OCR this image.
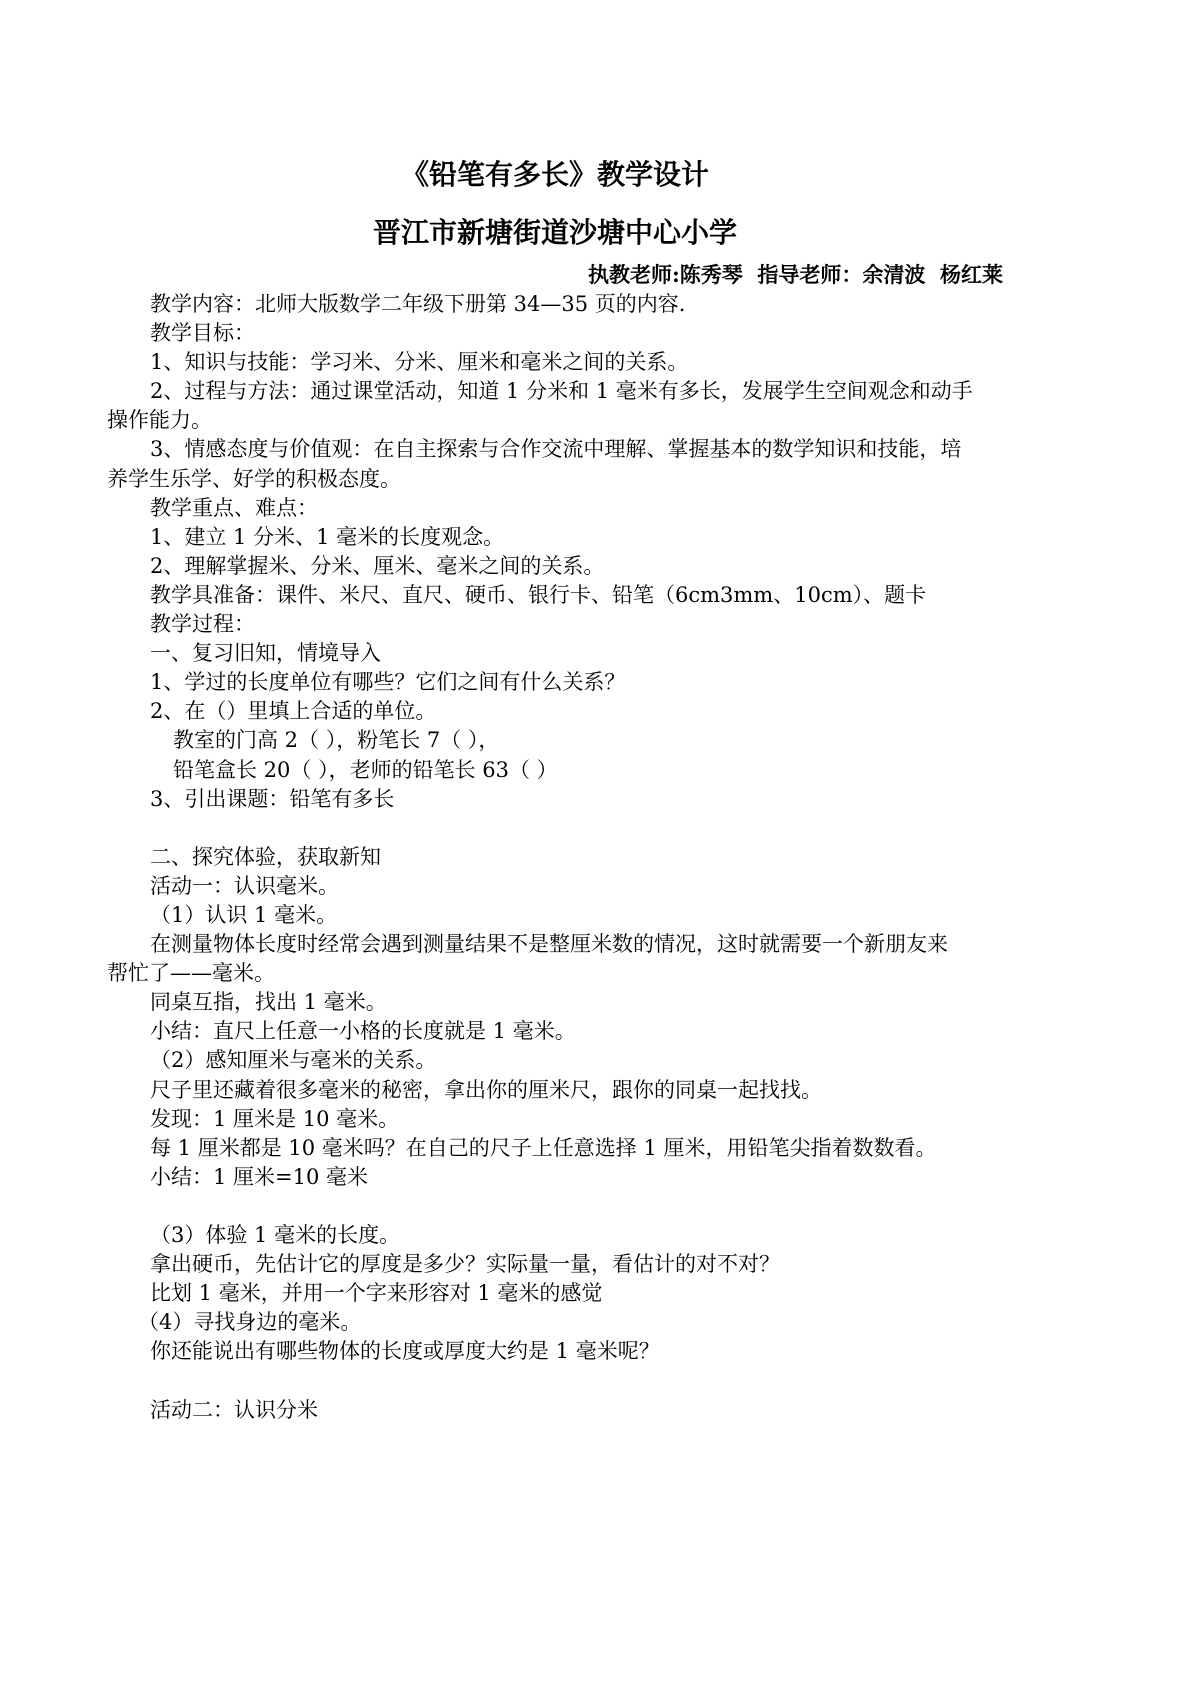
《铅笔有多长》教学设计
晋江市新塘街道沙塘中心小学
执教老师:陈秀琴  指导老师：余清波  杨红莱
教学内容：北师大版数学二年级下册第 34—35 页的内容.
教学目标：
1、知识与技能：学习米、分米、厘米和毫米之间的关系。
2、过程与方法：通过课堂活动，知道 1 分米和 1 毫米有多长，发展学生空间观念和动手
操作能力。
3、情感态度与价值观：在自主探索与合作交流中理解、掌握基本的数学知识和技能，培
养学生乐学、好学的积极态度。
教学重点、难点：
1、建立 1 分米、1 毫米的长度观念。
2、理解掌握米、分米、厘米、毫米之间的关系。
教学具准备：课件、米尺、直尺、硬币、银行卡、铅笔（6cm3mm、10cm）、题卡
教学过程：
一、复习旧知，情境导入
1、学过的长度单位有哪些？它们之间有什么关系？
2、在（）里填上合适的单位。
教室的门高 2（ ），粉笔长 7（ ），
铅笔盒长 20（ ），老师的铅笔长 63（ ）
3、引出课题：铅笔有多长
二、探究体验，获取新知
活动一：认识毫米。
（1）认识 1 毫米。
在测量物体长度时经常会遇到测量结果不是整厘米数的情况，这时就需要一个新朋友来
帮忙了——毫米。
同桌互指，找出 1 毫米。
小结：直尺上任意一小格的长度就是 1 毫米。
（2）感知厘米与毫米的关系。
尺子里还藏着很多毫米的秘密，拿出你的厘米尺，跟你的同桌一起找找。
发现：1 厘米是 10 毫米。
每 1 厘米都是 10 毫米吗？在自己的尺子上任意选择 1 厘米，用铅笔尖指着数数看。
小结：1 厘米=10 毫米
（3）体验 1 毫米的长度。
拿出硬币，先估计它的厚度是多少？实际量一量，看估计的对不对？
比划 1 毫米，并用一个字来形容对 1 毫米的感觉
（4）寻找身边的毫米。
你还能说出有哪些物体的长度或厚度大约是 1 毫米呢？
活动二：认识分米
